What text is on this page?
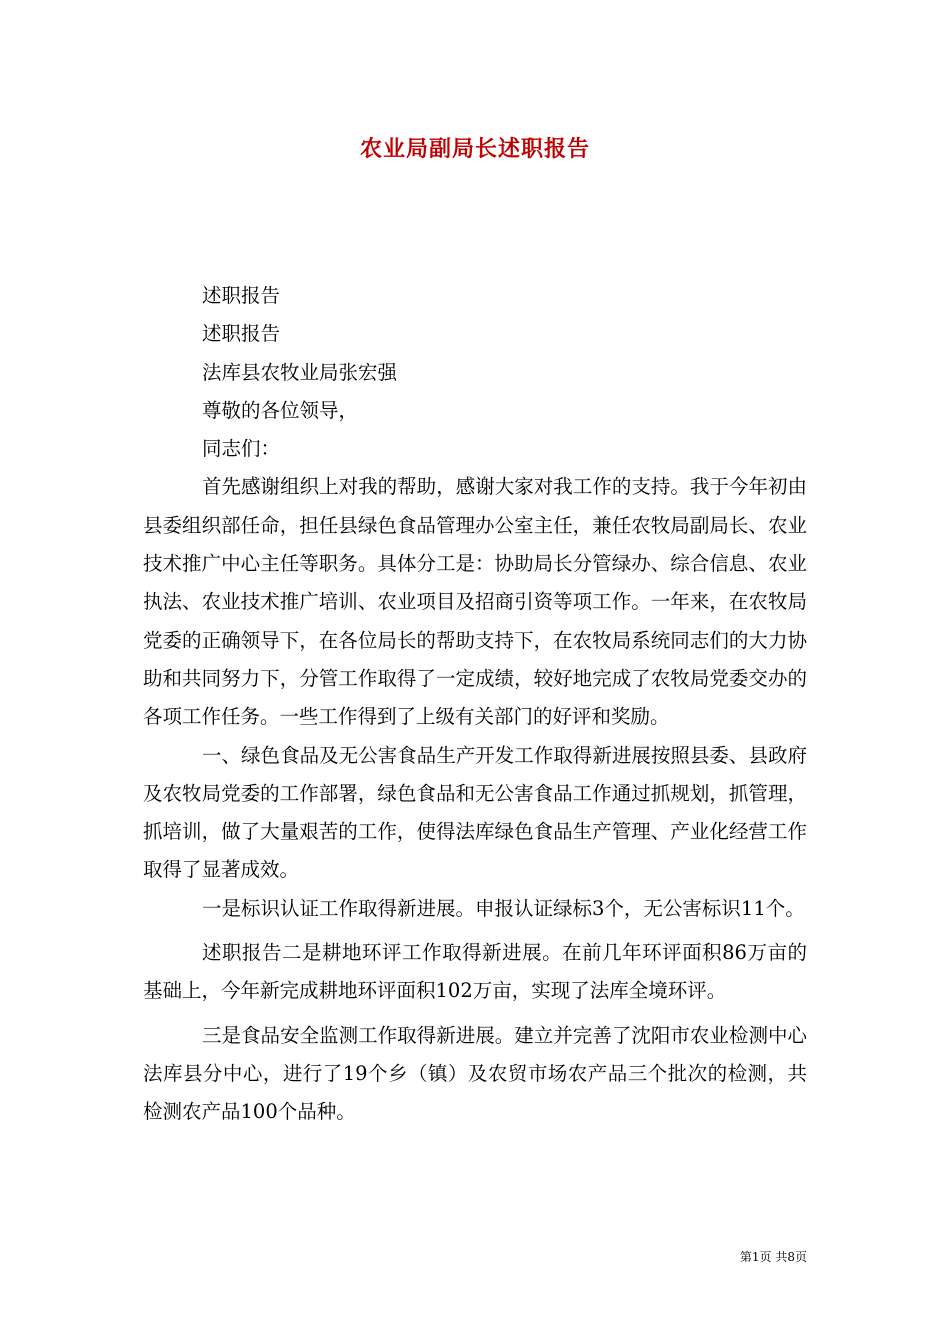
农业局副局长述职报告

述职报告

述职报告

法库县农牧业局张宏强

尊敬的各位领导，

同志们：

首先感谢组织上对我的帮助，感谢大家对我工作的支持。我于今年初由县委组织部任命，担任县绿色食品管理办公室主任，兼任农牧局副局长、农业技术推广中心主任等职务。具体分工是：协助局长分管绿办、综合信息、农业执法、农业技术推广培训、农业项目及招商引资等项工作。一年来，在农牧局党委的正确领导下，在各位局长的帮助支持下，在农牧局系统同志们的大力协助和共同努力下，分管工作取得了一定成绩，较好地完成了农牧局党委交办的各项工作任务。一些工作得到了上级有关部门的好评和奖励。

一、绿色食品及无公害食品生产开发工作取得新进展按照县委、县政府及农牧局党委的工作部署，绿色食品和无公害食品工作通过抓规划，抓管理，抓培训，做了大量艰苦的工作，使得法库绿色食品生产管理、产业化经营工作取得了显著成效。

一是标识认证工作取得新进展。申报认证绿标3个，无公害标识11个。

述职报告二是耕地环评工作取得新进展。在前几年环评面积86万亩的基础上，今年新完成耕地环评面积102万亩，实现了法库全境环评。

三是食品安全监测工作取得新进展。建立并完善了沈阳市农业检测中心法库县分中心，进行了19个乡（镇）及农贸市场农产品三个批次的检测，共检测农产品100个品种。

第1页 共8页
